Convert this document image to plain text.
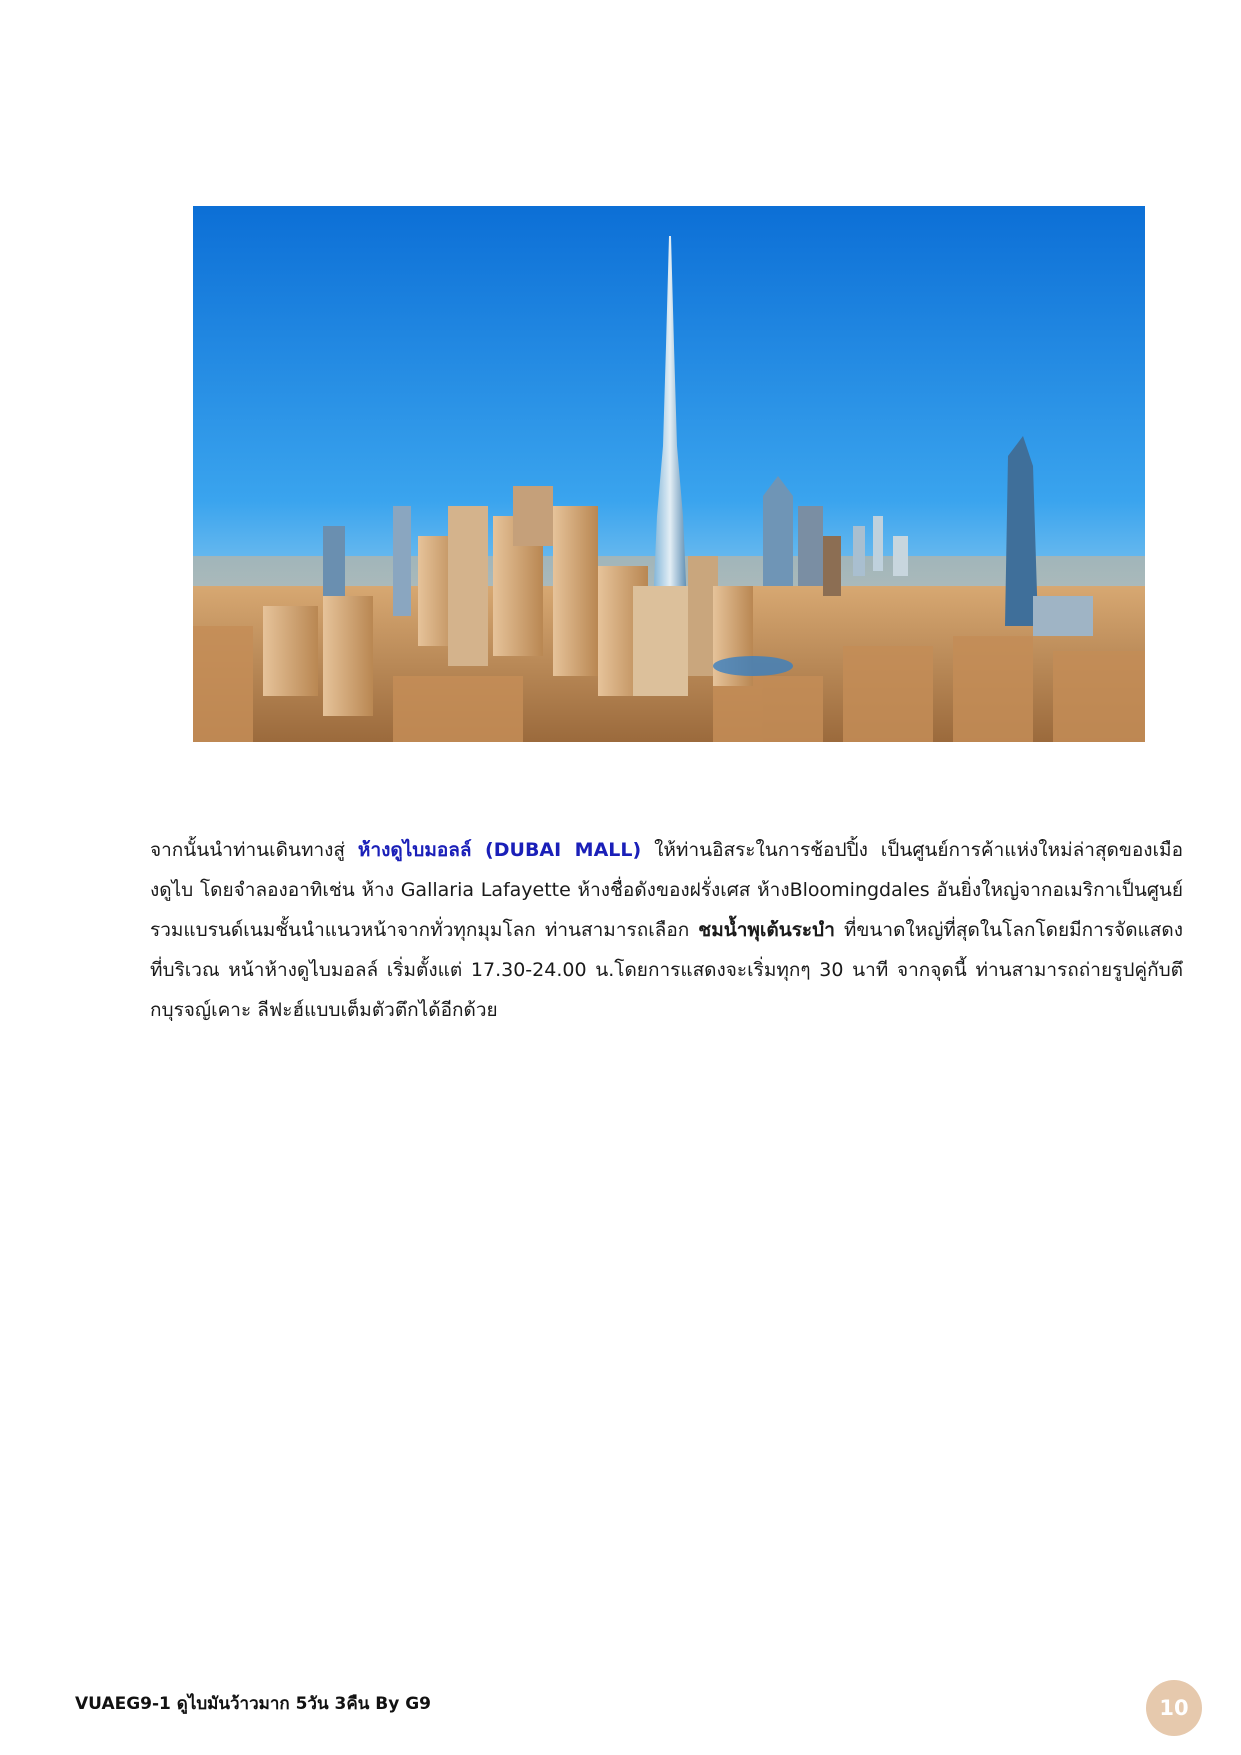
จากนั้นนำท่านเดินทางสู่ ห้างดูไบมอลล์ (DUBAI MALL) ให้ท่านอิสระในการช้อปปิ้ง เป็นศูนย์การค้าแห่งใหม่ล่าสุดของเมืองดูไบ โดยจำลองอาทิเช่น ห้าง Gallaria Lafayette ห้างชื่อดังของฝรั่งเศส ห้างBloomingdales อันยิ่งใหญ่จากอเมริกาเป็นศูนย์รวมแบรนด์เนมชั้นนำแนวหน้าจากทั่วทุกมุมโลก ท่านสามารถเลือก ชมน้ำพุเต้นระบำ ที่ขนาดใหญ่ที่สุดในโลกโดยมีการจัดแสดงที่บริเวณ หน้าห้างดูไบมอลล์ เริ่มตั้งแต่ 17.30-24.00 น.โดยการแสดงจะเริ่มทุกๆ 30 นาที จากจุดนี้ ท่านสามารถถ่ายรูปคู่กับตึกบุรจญ์เคาะ ลีฟะฮ์แบบเต็มตัวตึกได้อีกด้วย

VUAEG9-1 ดูไบมันว้าวมาก 5วัน 3คืน By G9	10
